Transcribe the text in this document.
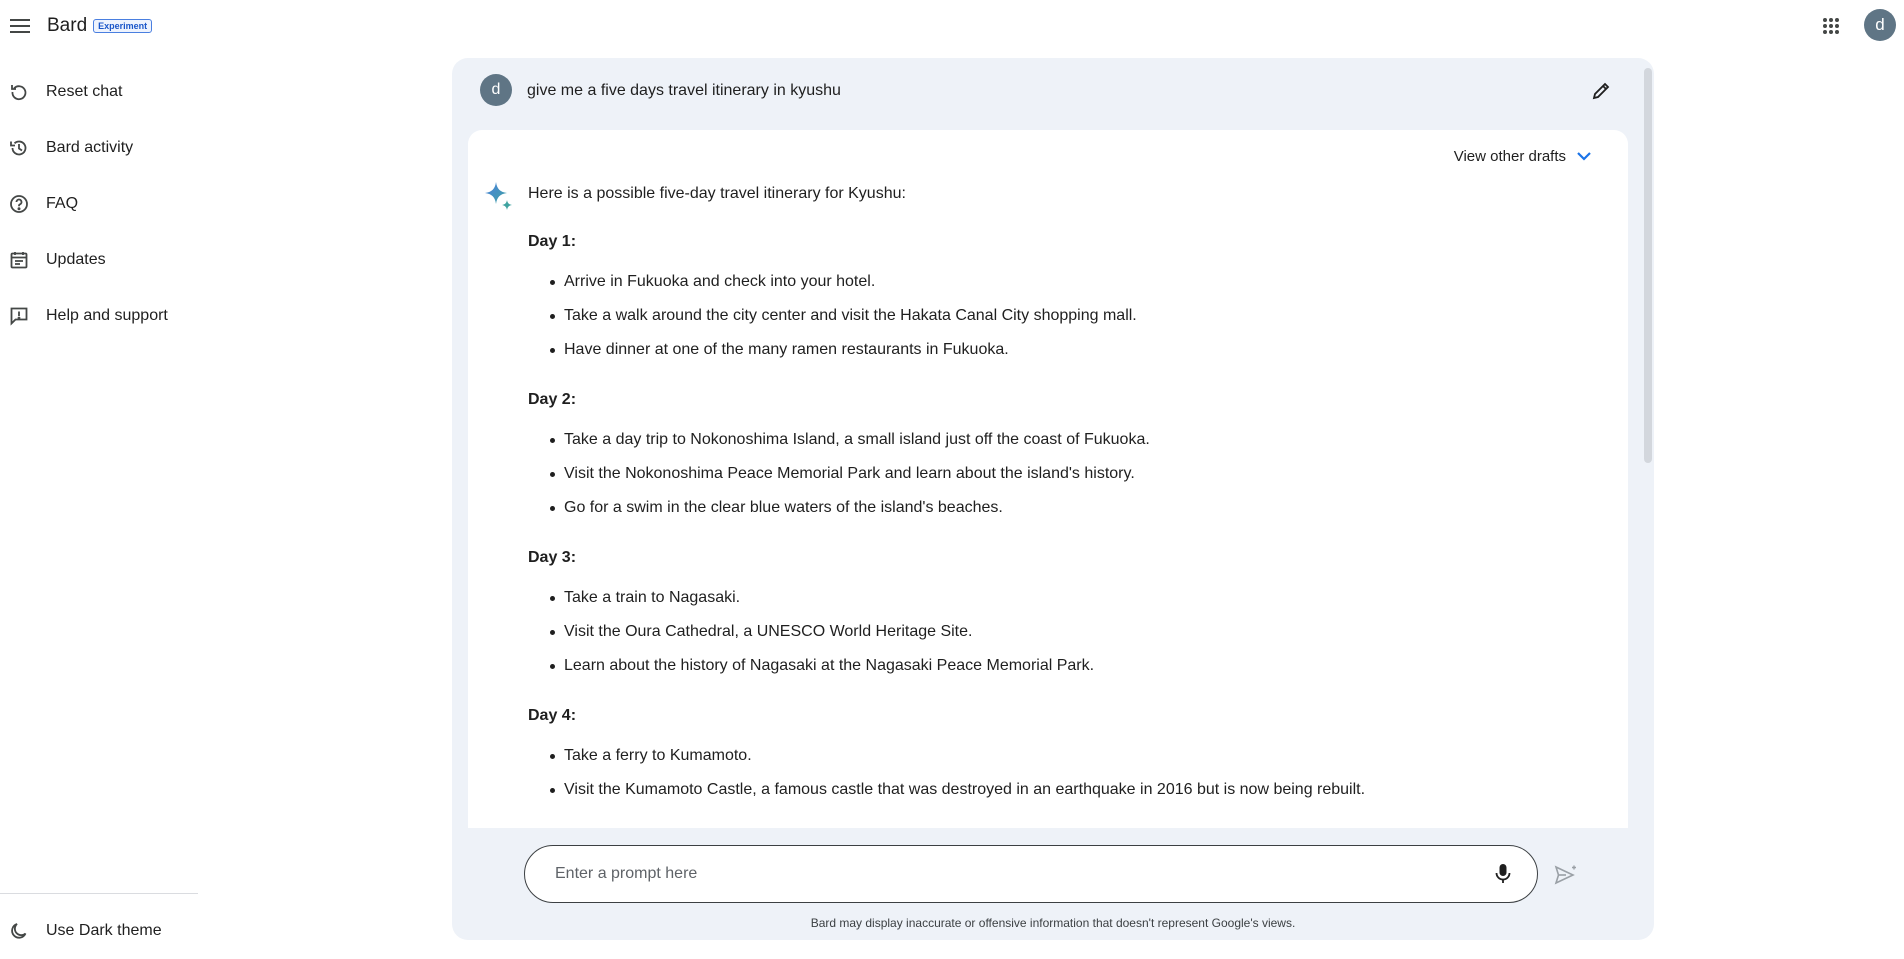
Bard	Experiment	d
Reset chat
Bard activity
FAQ
Updates
Help and support
Use Dark theme
d	give me a five days travel itinerary in kyushu
View other drafts

Here is a possible five-day travel itinerary for Kyushu:

Day 1:

Arrive in Fukuoka and check into your hotel.
Take a walk around the city center and visit the Hakata Canal City shopping mall.
Have dinner at one of the many ramen restaurants in Fukuoka.

Day 2:

Take a day trip to Nokonoshima Island, a small island just off the coast of Fukuoka.
Visit the Nokonoshima Peace Memorial Park and learn about the island's history.
Go for a swim in the clear blue waters of the island's beaches.

Day 3:

Take a train to Nagasaki.
Visit the Oura Cathedral, a UNESCO World Heritage Site.
Learn about the history of Nagasaki at the Nagasaki Peace Memorial Park.

Day 4:

Take a ferry to Kumamoto.
Visit the Kumamoto Castle, a famous castle that was destroyed in an earthquake in 2016 but is now being rebuilt.
Enter a prompt here
Bard may display inaccurate or offensive information that doesn't represent Google's views.
